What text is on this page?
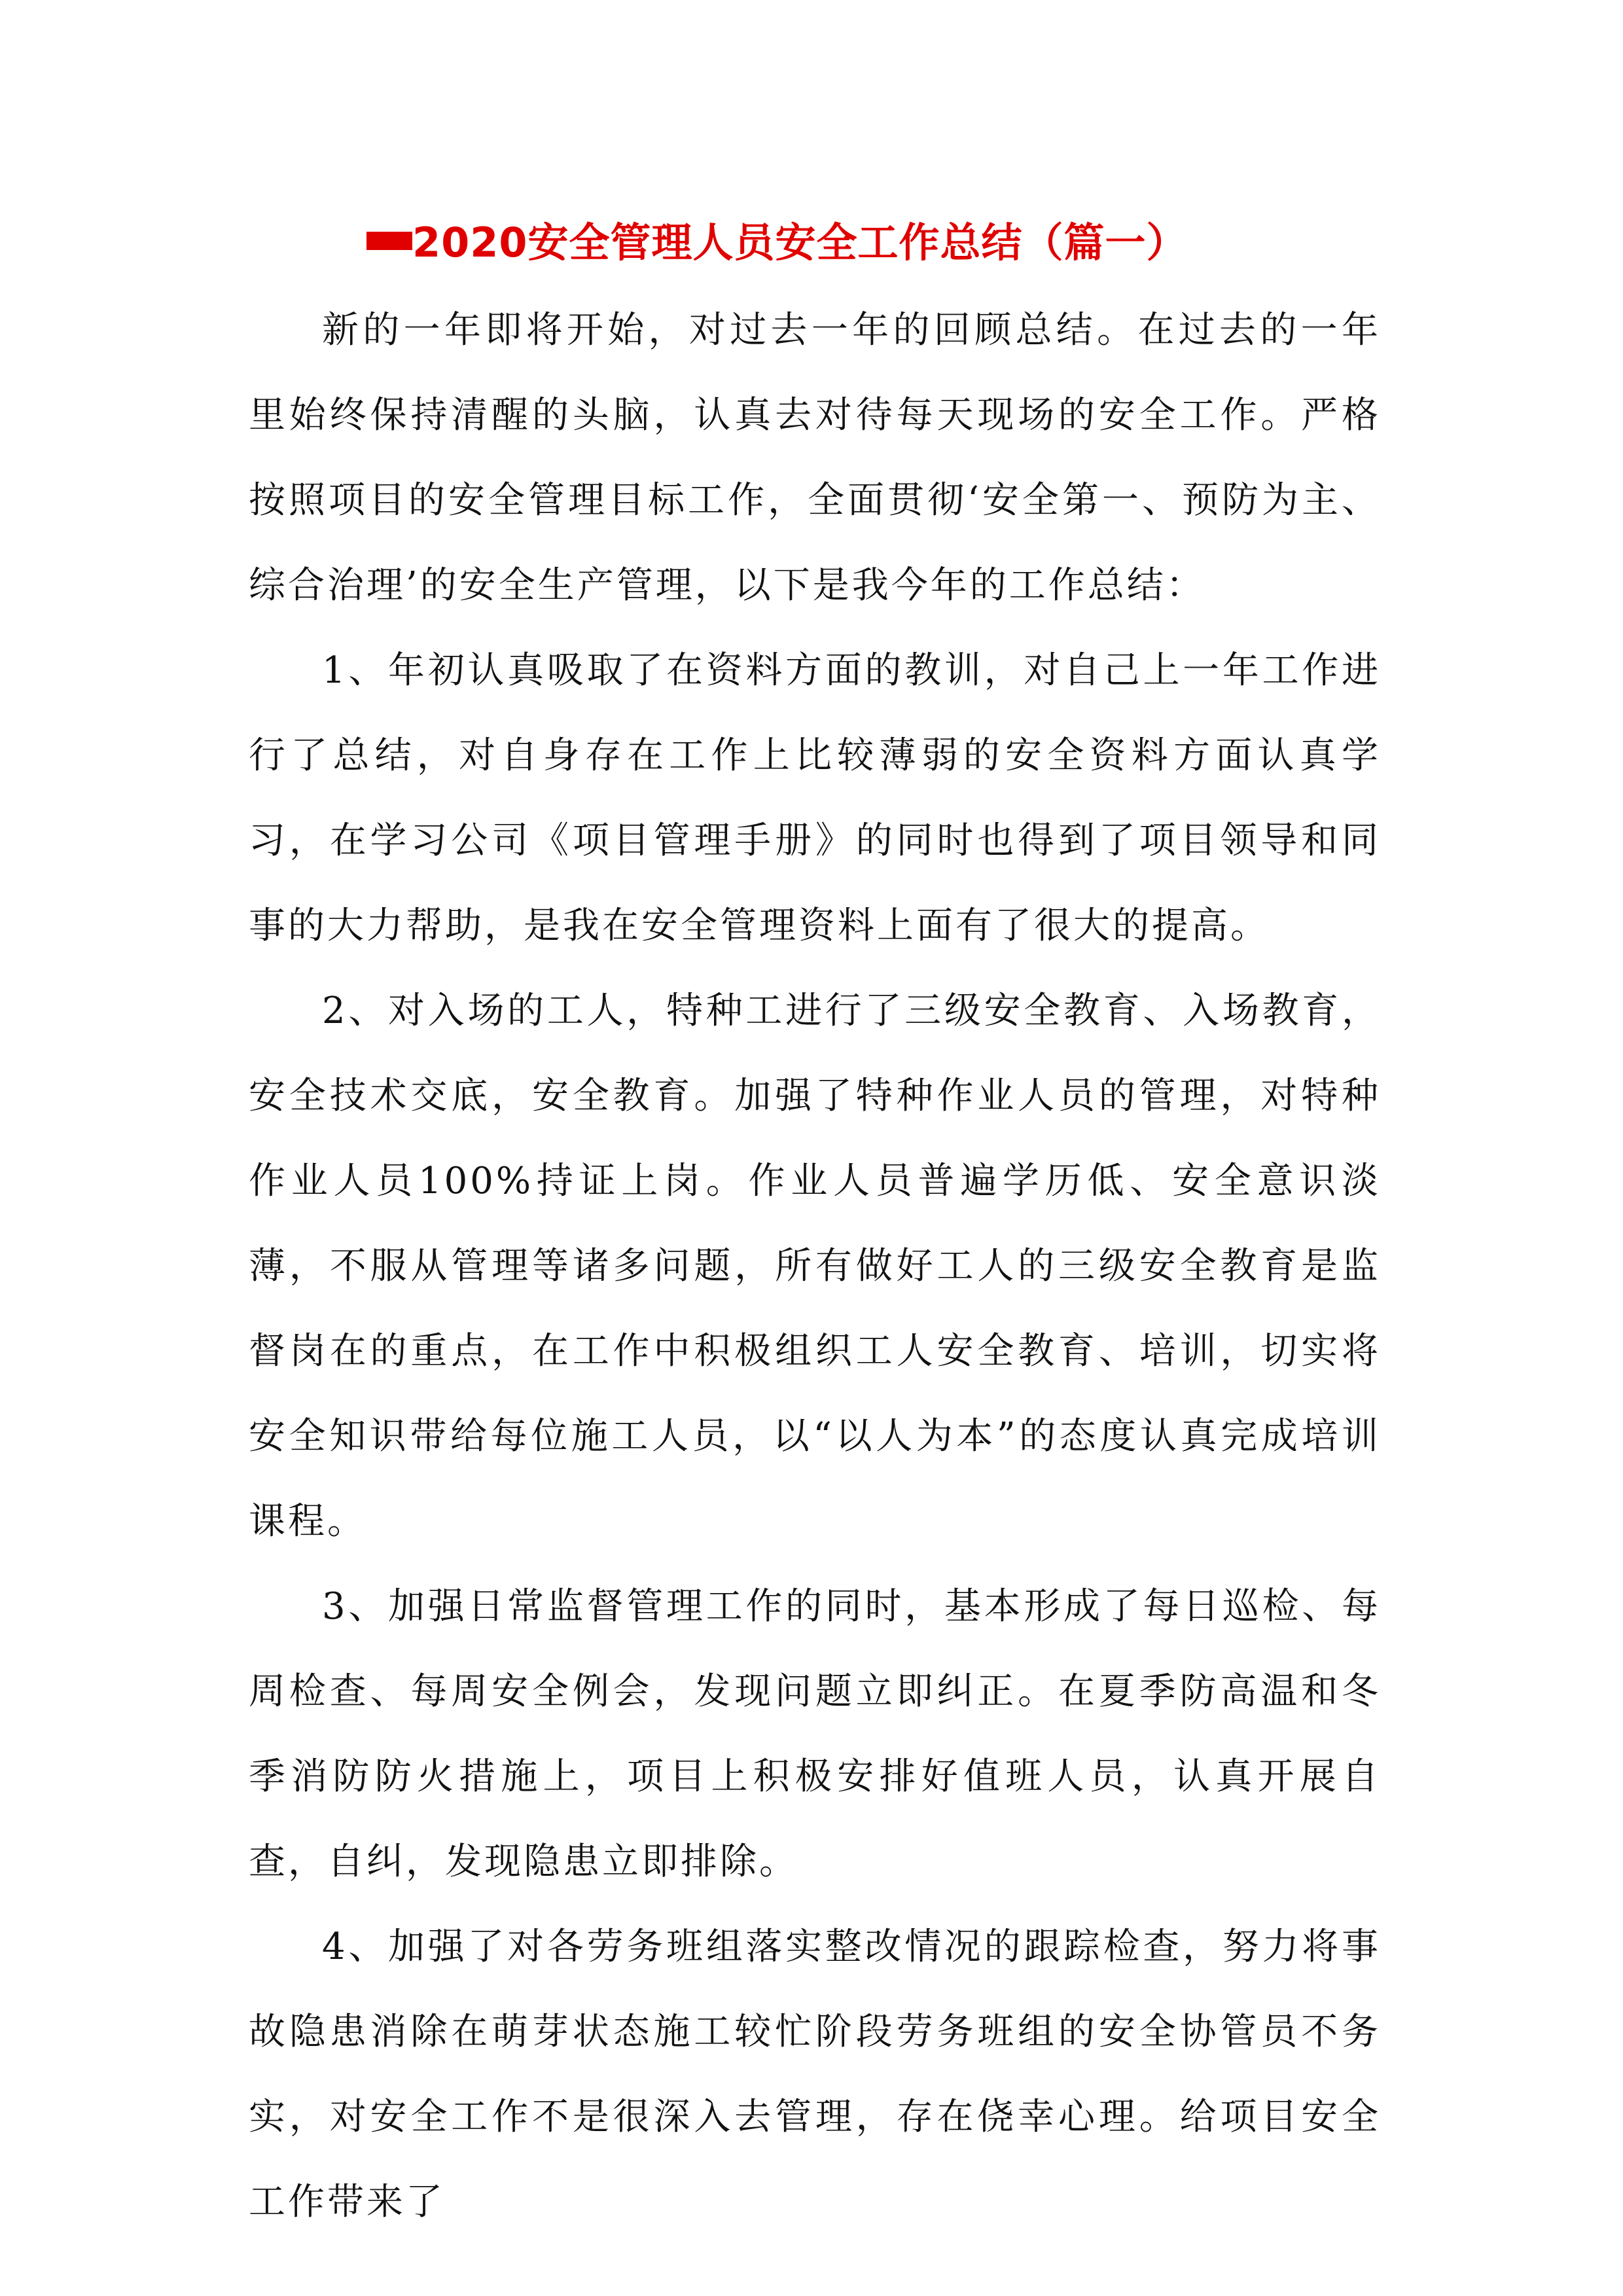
2020安全管理人员安全工作总结（篇一）

新的一年即将开始，对过去一年的回顾总结。在过去的一年里始终保持清醒的头脑，认真去对待每天现场的安全工作。严格按照项目的安全管理目标工作，全面贯彻‘安全第一、预防为主、综合治理’的安全生产管理，以下是我今年的工作总结：

1、年初认真吸取了在资料方面的教训，对自己上一年工作进行了总结，对自身存在工作上比较薄弱的安全资料方面认真学习，在学习公司《项目管理手册》的同时也得到了项目领导和同事的大力帮助，是我在安全管理资料上面有了很大的提高。

2、对入场的工人，特种工进行了三级安全教育、入场教育，安全技术交底，安全教育。加强了特种作业人员的管理，对特种作业人员100%持证上岗。作业人员普遍学历低、安全意识淡薄，不服从管理等诸多问题，所有做好工人的三级安全教育是监督岗在的重点，在工作中积极组织工人安全教育、培训，切实将安全知识带给每位施工人员，以“以人为本”的态度认真完成培训课程。

3、加强日常监督管理工作的同时，基本形成了每日巡检、每周检查、每周安全例会，发现问题立即纠正。在夏季防高温和冬季消防防火措施上，项目上积极安排好值班人员，认真开展自查，自纠，发现隐患立即排除。

4、加强了对各劳务班组落实整改情况的跟踪检查，努力将事故隐患消除在萌芽状态施工较忙阶段劳务班组的安全协管员不务实，对安全工作不是很深入去管理，存在侥幸心理。给项目安全工作带来了
